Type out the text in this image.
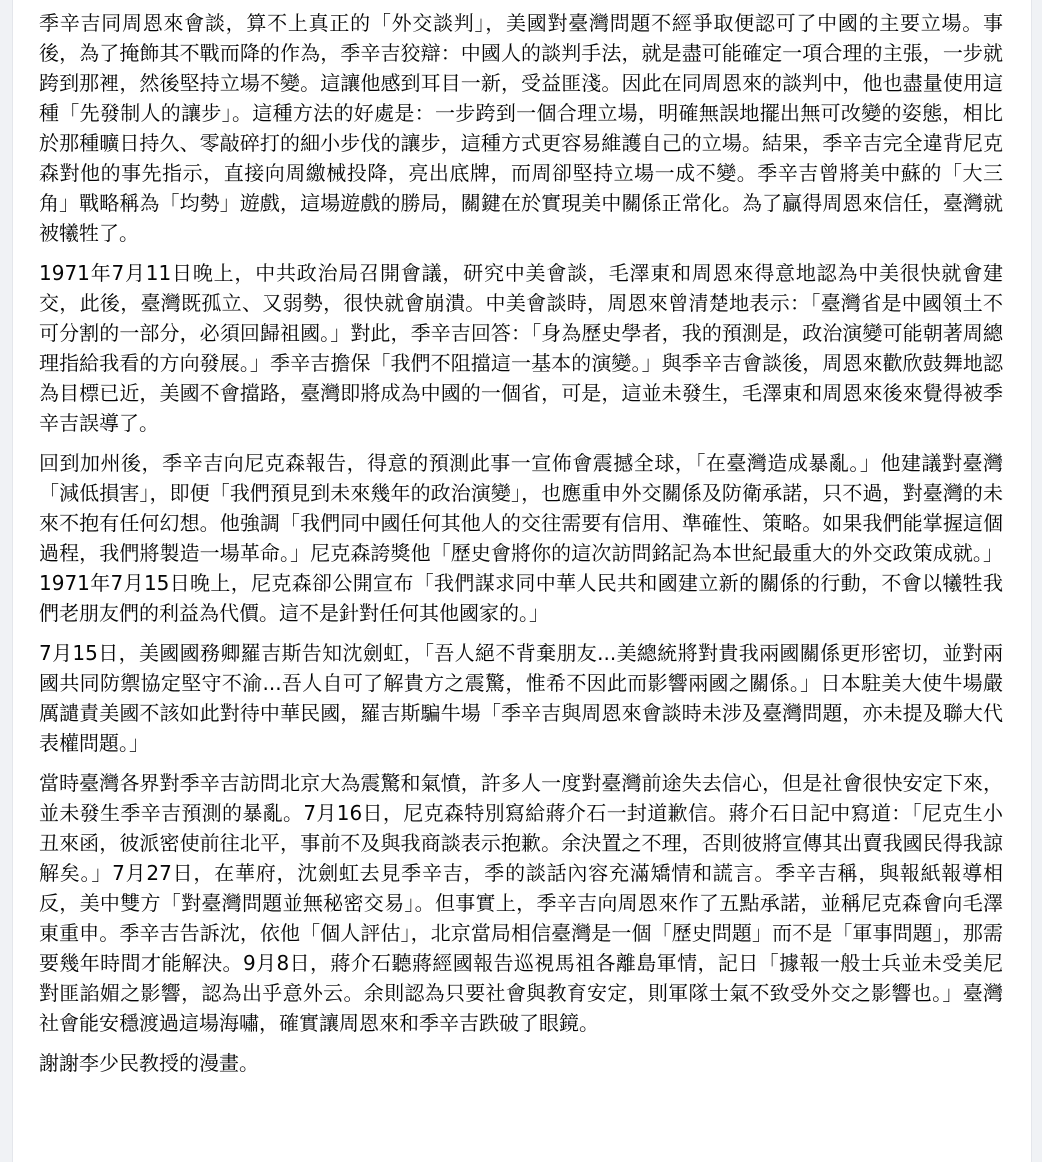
季辛吉同周恩來會談，算不上真正的「外交談判」，美國對臺灣問題不經爭取便認可了中國的主要立場。事後，為了掩飾其不戰而降的作為，季辛吉狡辯：中國人的談判手法，就是盡可能確定一項合理的主張，一步就跨到那裡，然後堅持立場不變。這讓他感到耳目一新，受益匪淺。因此在同周恩來的談判中，他也盡量使用這種「先發制人的讓步」。這種方法的好處是：一步跨到一個合理立場，明確無誤地擺出無可改變的姿態，相比於那種曠日持久、零敲碎打的細小步伐的讓步，這種方式更容易維護自己的立場。結果，季辛吉完全違背尼克森對他的事先指示，直接向周繳械投降，亮出底牌，而周卻堅持立場一成不變。季辛吉曾將美中蘇的「大三角」戰略稱為「均勢」遊戲，這場遊戲的勝局，關鍵在於實現美中關係正常化。為了贏得周恩來信任，臺灣就被犧牲了。

1971年7月11日晚上，中共政治局召開會議，研究中美會談，毛澤東和周恩來得意地認為中美很快就會建交，此後，臺灣既孤立、又弱勢，很快就會崩潰。中美會談時，周恩來曾清楚地表示：「臺灣省是中國領土不可分割的一部分，必須回歸祖國。」對此，季辛吉回答：「身為歷史學者，我的預測是，政治演變可能朝著周總理指給我看的方向發展。」季辛吉擔保「我們不阻擋這一基本的演變。」與季辛吉會談後，周恩來歡欣鼓舞地認為目標已近，美國不會擋路，臺灣即將成為中國的一個省，可是，這並未發生，毛澤東和周恩來後來覺得被季辛吉誤導了。

回到加州後，季辛吉向尼克森報告，得意的預測此事一宣佈會震撼全球，「在臺灣造成暴亂。」他建議對臺灣「減低損害」，即便「我們預見到未來幾年的政治演變」，也應重申外交關係及防衛承諾，只不過，對臺灣的未來不抱有任何幻想。他強調「我們同中國任何其他人的交往需要有信用、準確性、策略。如果我們能掌握這個過程，我們將製造一場革命。」尼克森誇獎他「歷史會將你的這次訪問銘記為本世紀最重大的外交政策成就。」1971年7月15日晚上，尼克森卻公開宣布「我們謀求同中華人民共和國建立新的關係的行動，不會以犧牲我們老朋友們的利益為代價。這不是針對任何其他國家的。」

7月15日，美國國務卿羅吉斯告知沈劍虹，「吾人絕不背棄朋友...美總統將對貴我兩國關係更形密切，並對兩國共同防禦協定堅守不渝...吾人自可了解貴方之震驚，惟希不因此而影響兩國之關係。」日本駐美大使牛場嚴厲譴責美國不該如此對待中華民國，羅吉斯騙牛場「季辛吉與周恩來會談時未涉及臺灣問題，亦未提及聯大代表權問題。」

當時臺灣各界對季辛吉訪問北京大為震驚和氣憤，許多人一度對臺灣前途失去信心，但是社會很快安定下來，並未發生季辛吉預測的暴亂。7月16日，尼克森特別寫給蔣介石一封道歉信。蔣介石日記中寫道：「尼克生小丑來函，彼派密使前往北平，事前不及與我商談表示抱歉。余決置之不理，否則彼將宣傳其出賣我國民得我諒解矣。」7月27日，在華府，沈劍虹去見季辛吉，季的談話內容充滿矯情和謊言。季辛吉稱，與報紙報導相反，美中雙方「對臺灣問題並無秘密交易」。但事實上，季辛吉向周恩來作了五點承諾，並稱尼克森會向毛澤東重申。季辛吉告訴沈，依他「個人評估」，北京當局相信臺灣是一個「歷史問題」而不是「軍事問題」，那需要幾年時間才能解決。9月8日，蔣介石聽蔣經國報告巡視馬祖各離島軍情，記日「據報一般士兵並未受美尼對匪諂媚之影響，認為出乎意外云。余則認為只要社會與教育安定，則軍隊士氣不致受外交之影響也。」臺灣社會能安穩渡過這場海嘯，確實讓周恩來和季辛吉跌破了眼鏡。

謝謝李少民教授的漫畫。
